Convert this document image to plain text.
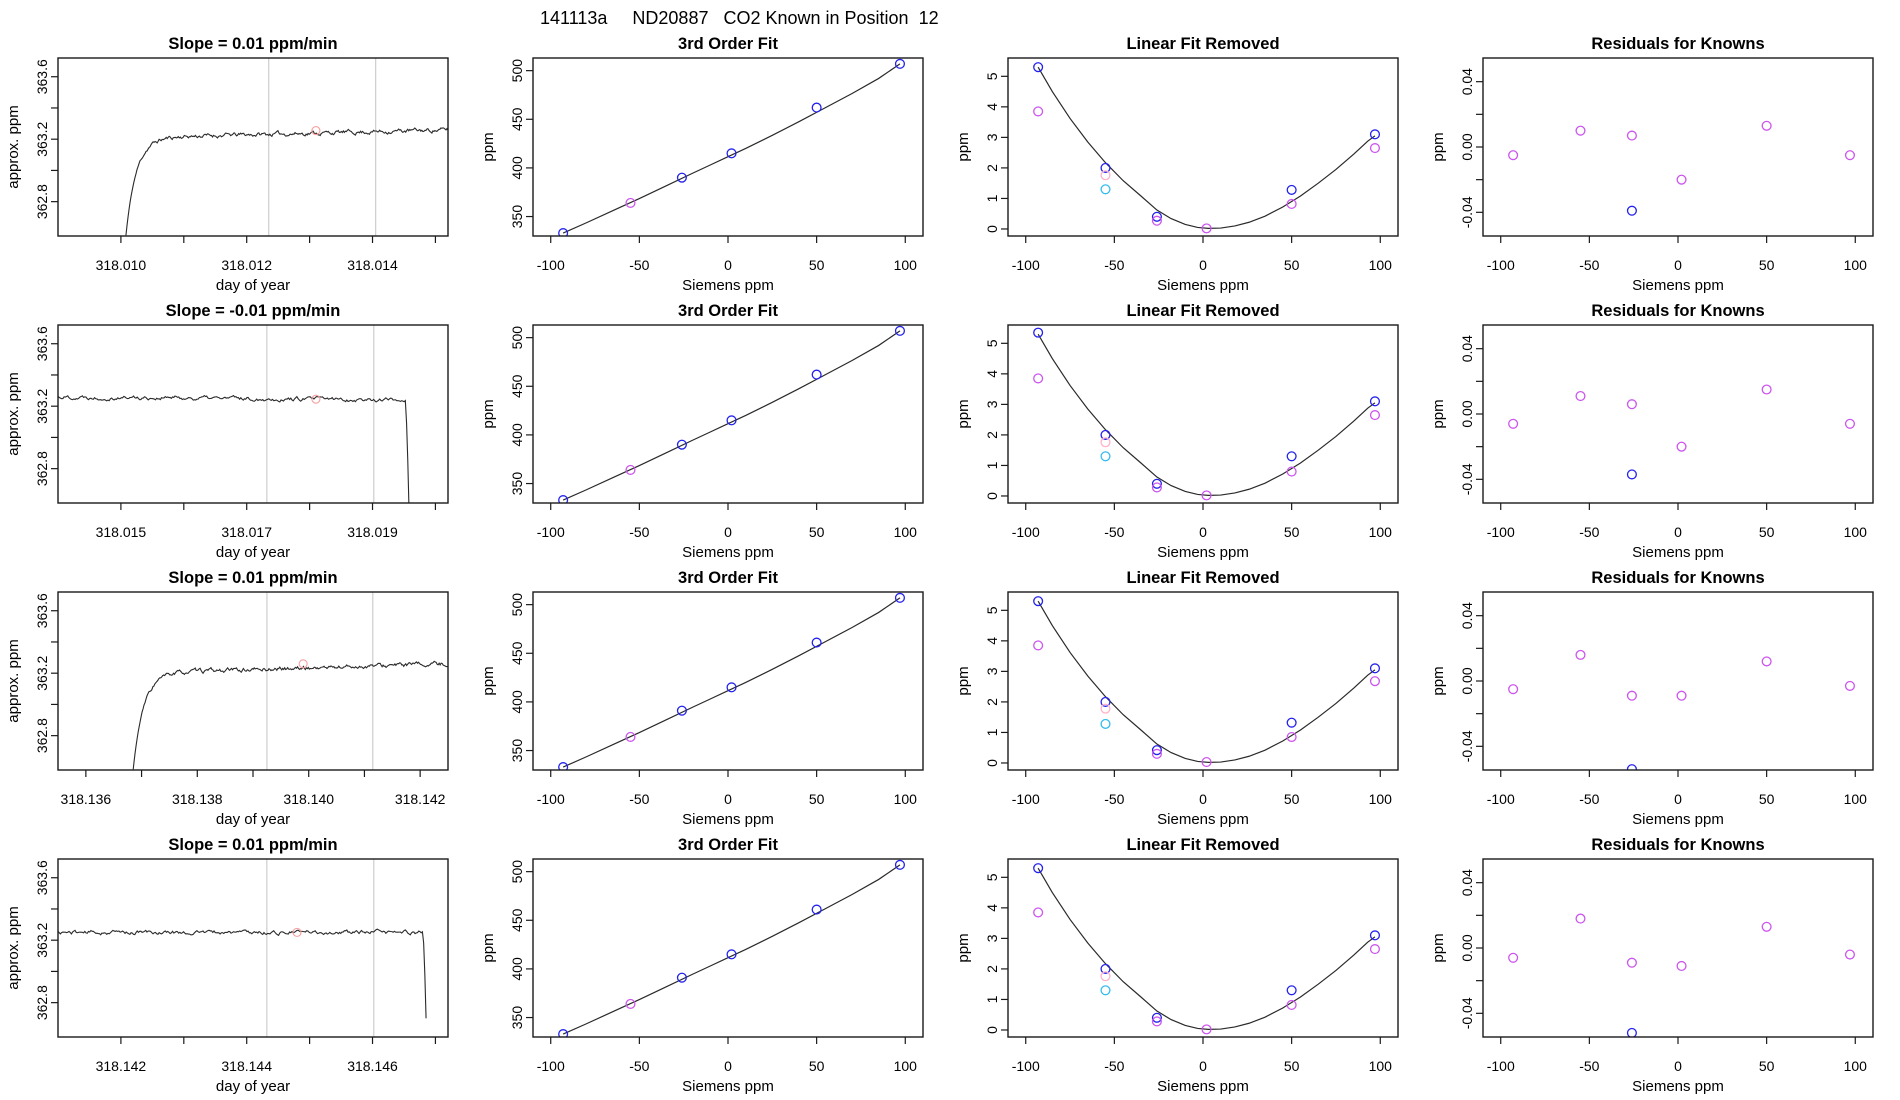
141113a     ND20887   CO2 Known in Position  12
Slope = 0.01 ppm/min
318.010	318.012	318.014
day of year
362.8
363.2
363.6
approx. ppm
3rd Order Fit
-100	-50	0	50	100
Siemens ppm
350
400
450
500
ppm
Linear Fit Removed
-100	-50	0	50	100
Siemens ppm
0
1
2
3
4
5
ppm
Residuals for Knowns
-100	-50	0	50	100
Siemens ppm
-0.04
0.00
0.04
ppm
Slope = -0.01 ppm/min
318.015	318.017	318.019
day of year
362.8
363.2
363.6
approx. ppm
3rd Order Fit
-100	-50	0	50	100
Siemens ppm
350
400
450
500
ppm
Linear Fit Removed
-100	-50	0	50	100
Siemens ppm
0
1
2
3
4
5
ppm
Residuals for Knowns
-100	-50	0	50	100
Siemens ppm
-0.04
0.00
0.04
ppm
Slope = 0.01 ppm/min
318.136	318.138	318.140	318.142
day of year
362.8
363.2
363.6
approx. ppm
3rd Order Fit
-100	-50	0	50	100
Siemens ppm
350
400
450
500
ppm
Linear Fit Removed
-100	-50	0	50	100
Siemens ppm
0
1
2
3
4
5
ppm
Residuals for Knowns
-100	-50	0	50	100
Siemens ppm
-0.04
0.00
0.04
ppm
Slope = 0.01 ppm/min
318.142	318.144	318.146
day of year
362.8
363.2
363.6
approx. ppm
3rd Order Fit
-100	-50	0	50	100
Siemens ppm
350
400
450
500
ppm
Linear Fit Removed
-100	-50	0	50	100
Siemens ppm
0
1
2
3
4
5
ppm
Residuals for Knowns
-100	-50	0	50	100
Siemens ppm
-0.04
0.00
0.04
ppm
